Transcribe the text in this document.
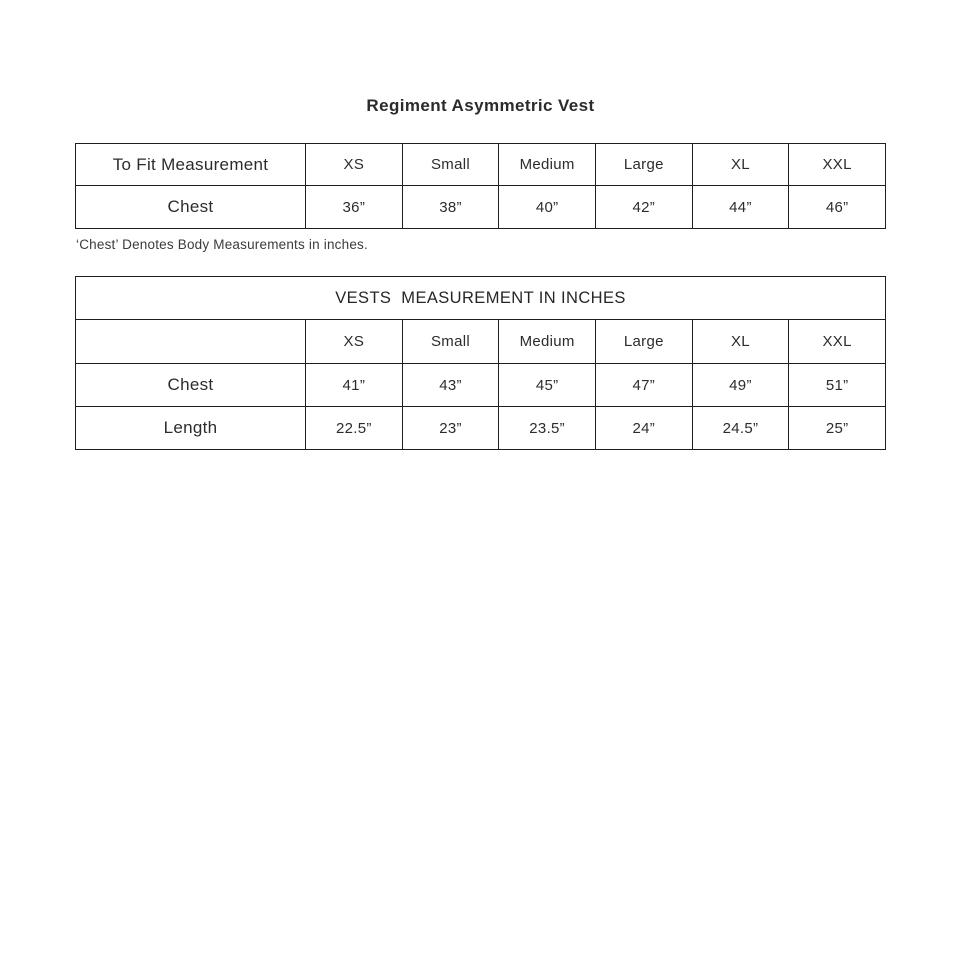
Regiment Asymmetric Vest
To Fit Measurement	XS	Small	Medium	Large	XL	XXL
Chest	36”	38”	40”	42”	44”	46”
‘Chest’ Denotes Body Measurements in inches.
VESTS  MEASUREMENT IN INCHES						
	XS	Small	Medium	Large	XL	XXL
Chest	41”	43”	45”	47”	49”	51”
Length	22.5”	23”	23.5”	24”	24.5”	25”
